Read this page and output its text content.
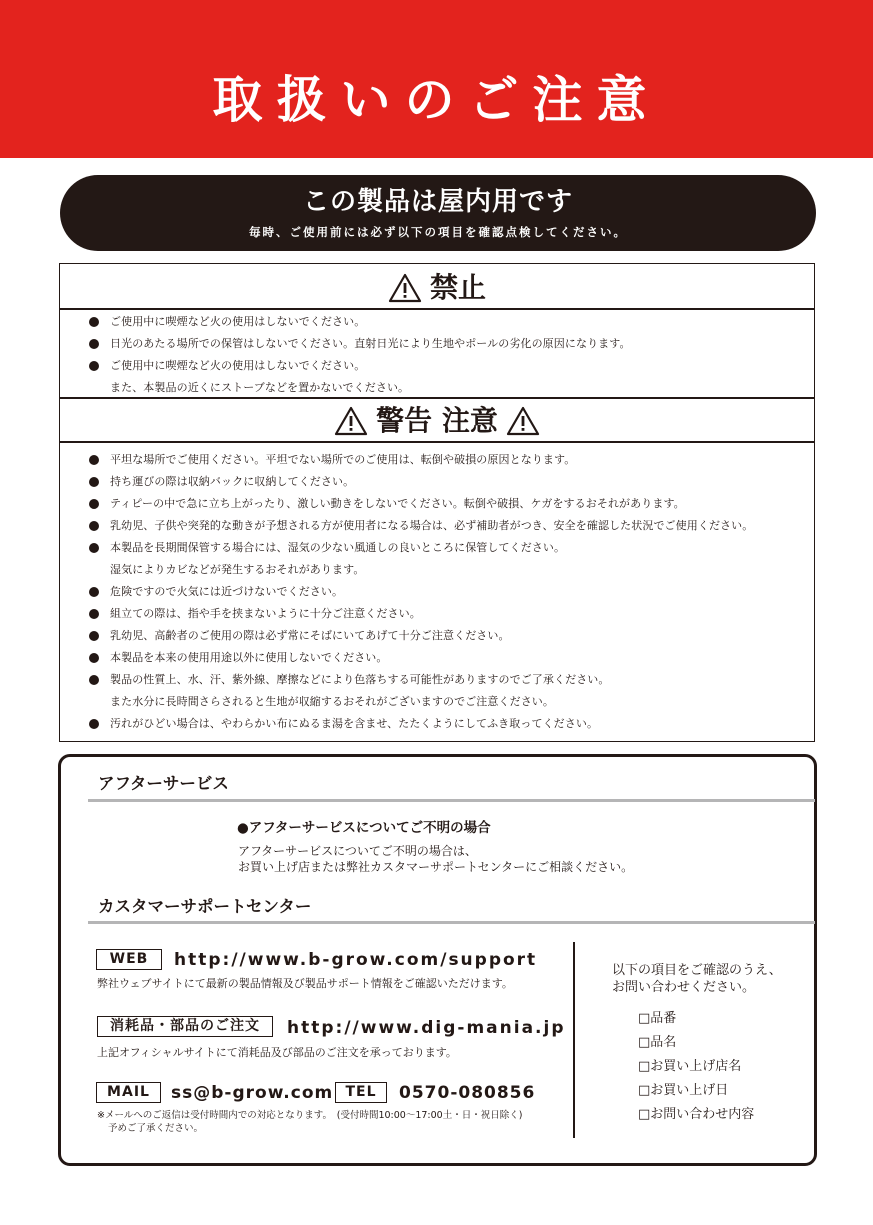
取扱いのご注意
この製品は屋内用です
毎時、ご使用前には必ず以下の項目を確認点検してください。
禁止
ご使用中に喫煙など火の使用はしないでください。
日光のあたる場所での保管はしないでください。直射日光により生地やポールの劣化の原因になります。
ご使用中に喫煙など火の使用はしないでください。
また、本製品の近くにストーブなどを置かないでください。
警告 注意
平坦な場所でご使用ください。平坦でない場所でのご使用は、転倒や破損の原因となります。
持ち運びの際は収納バックに収納してください。
ティピーの中で急に立ち上がったり、激しい動きをしないでください。転倒や破損、ケガをするおそれがあります。
乳幼児、子供や突発的な動きが予想される方が使用者になる場合は、必ず補助者がつき、安全を確認した状況でご使用ください。
本製品を長期間保管する場合には、湿気の少ない風通しの良いところに保管してください。
湿気によりカビなどが発生するおそれがあります。
危険ですので火気には近づけないでください。
組立ての際は、指や手を挟まないように十分ご注意ください。
乳幼児、高齢者のご使用の際は必ず常にそばにいてあげて十分ご注意ください。
本製品を本来の使用用途以外に使用しないでください。
製品の性質上、水、汗、紫外線、摩擦などにより色落ちする可能性がありますのでご了承ください。
また水分に長時間さらされると生地が収縮するおそれがございますのでご注意ください。
汚れがひどい場合は、やわらかい布にぬるま湯を含ませ、たたくようにしてふき取ってください。
アフターサービス
●アフターサービスについてご不明の場合
アフターサービスについてご不明の場合は、
お買い上げ店または弊社カスタマーサポートセンターにご相談ください。
カスタマーサポートセンター
WEB	http://www.b-grow.com/support
弊社ウェブサイトにて最新の製品情報及び製品サポート情報をご確認いただけます。
消耗品・部品のご注文	http://www.dig-mania.jp
上記オフィシャルサイトにて消耗品及び部品のご注文を承っております。
MAIL	ss@b-grow.com TEL	0570-080856
※メールへのご返信は受付時間内での対応となります。　(受付時間10:00〜17:00土・日・祝日除く)
予めご了承ください。
以下の項目をご確認のうえ、
お問い合わせください。
□品番
□品名
□お買い上げ店名
□お買い上げ日
□お問い合わせ内容
